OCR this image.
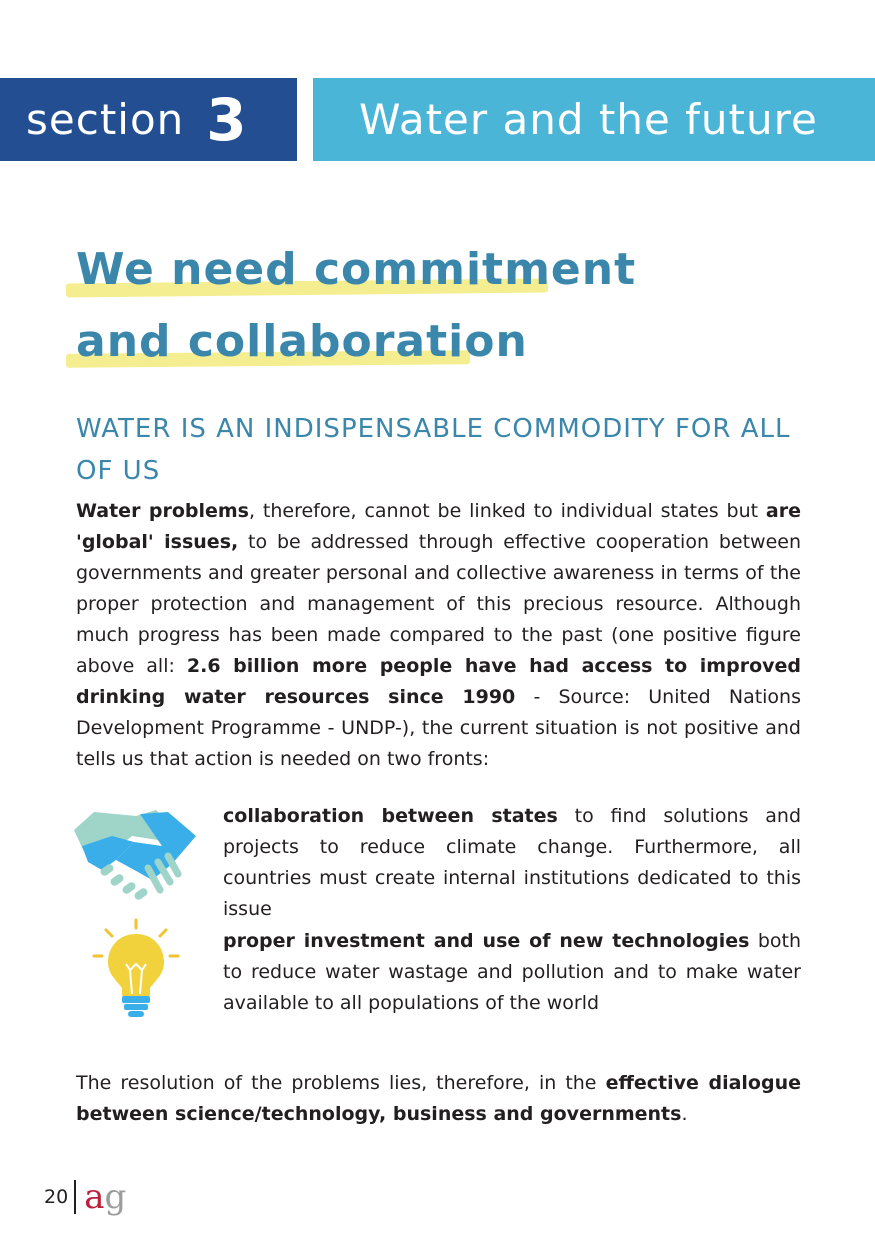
section 3	Water and the future
We need commitment
and collaboration
WATER IS AN INDISPENSABLE COMMODITY FOR ALL OF US
Water problems, therefore, cannot be linked to individual states but are 'global' issues, to be addressed through effective cooperation between governments and greater personal and collective awareness in terms of the proper protection and management of this precious resource. Although much progress has been made compared to the past (one positive figure above all: 2.6 billion more people have had access to improved drinking water resources since 1990 - Source: United Nations Development Programme - UNDP-), the current situation is not positive and tells us that action is needed on two fronts:
collaboration between states to find solutions and projects to reduce climate change. Furthermore, all countries must create internal institutions dedicated to this issue
proper investment and use of new technologies both to reduce water wastage and pollution and to make water available to all populations of the world
The resolution of the problems lies, therefore, in the effective dialogue between science/technology, business and governments.
20 ag
